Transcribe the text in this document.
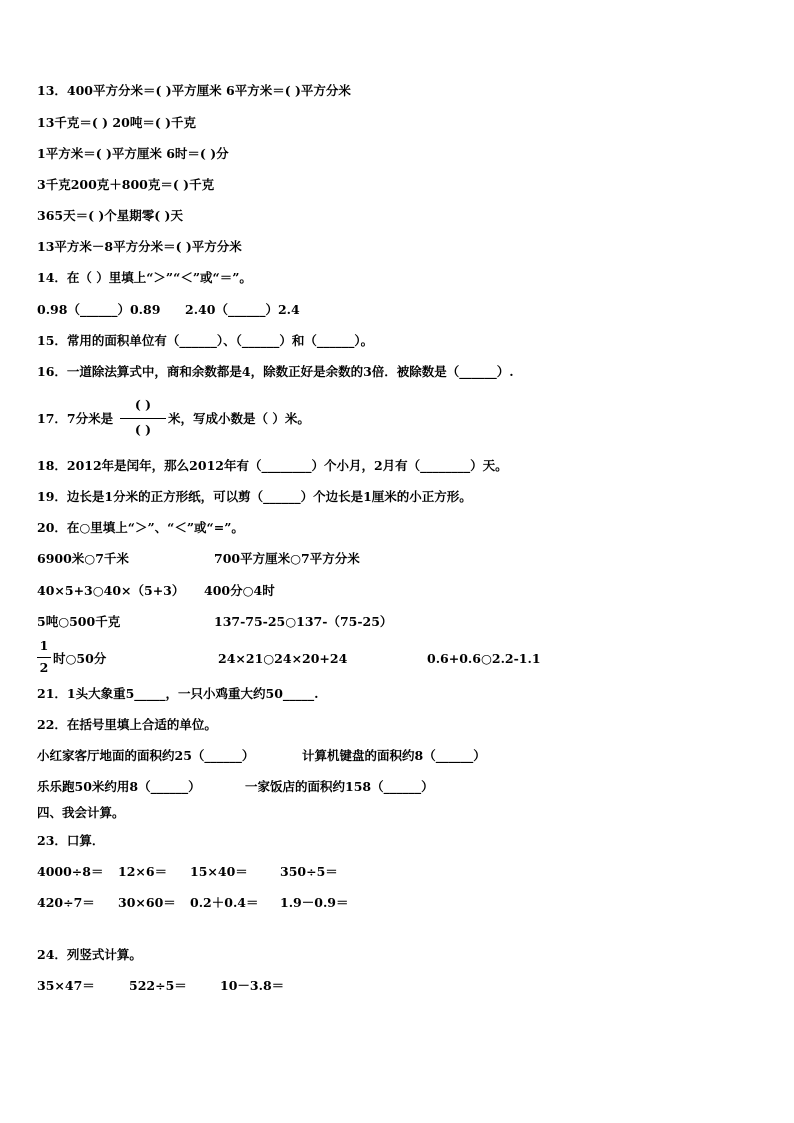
13．400平方分米＝( )平方厘米 6平方米＝( )平方分米
13千克＝( ) 20吨＝( )千克
1平方米＝( )平方厘米 6时＝( )分
3千克200克＋800克＝( )千克
365天＝( )个星期零( )天
13平方米－8平方分米＝( )平方分米
14．在（ ）里填上“＞”“＜”或“＝”。
0.98（______）0.89 2.40（______）2.4
15．常用的面积单位有（______）、（______）和（______）。
16．一道除法算式中，商和余数都是4，除数正好是余数的3倍．被除数是（______）.
17．7分米是
( )
( )
米，写成小数是（ ）米。
18．2012年是闰年，那么2012年有（________）个小月，2月有（________）天。
19．边长是1分米的正方形纸，可以剪（______）个边长是1厘米的小正方形。
20．在○里填上“＞”、“＜”或“=”。
6900米○7千米	700平方厘米○7平方分米
40×5+3○40×（5+3） 400分○4时
5吨○500千克	137-75-25○137-（75-25）
1
2
时○50分	24×21○24×20+24	0.6+0.6○2.2-1.1
21．1头大象重5_____，一只小鸡重大约50_____.
22．在括号里填上合适的单位。
小红家客厅地面的面积约25（______）	计算机键盘的面积约8（______）
乐乐跑50米约用8（______）	一家饭店的面积约158（______）
四、我会计算。
23．口算．
4000÷8＝ 12×6＝ 15×40＝	350÷5＝
420÷7＝ 30×60＝ 0.2＋0.4＝ 1.9－0.9＝
24．列竖式计算。
35×47＝	522÷5＝	10－3.8＝
